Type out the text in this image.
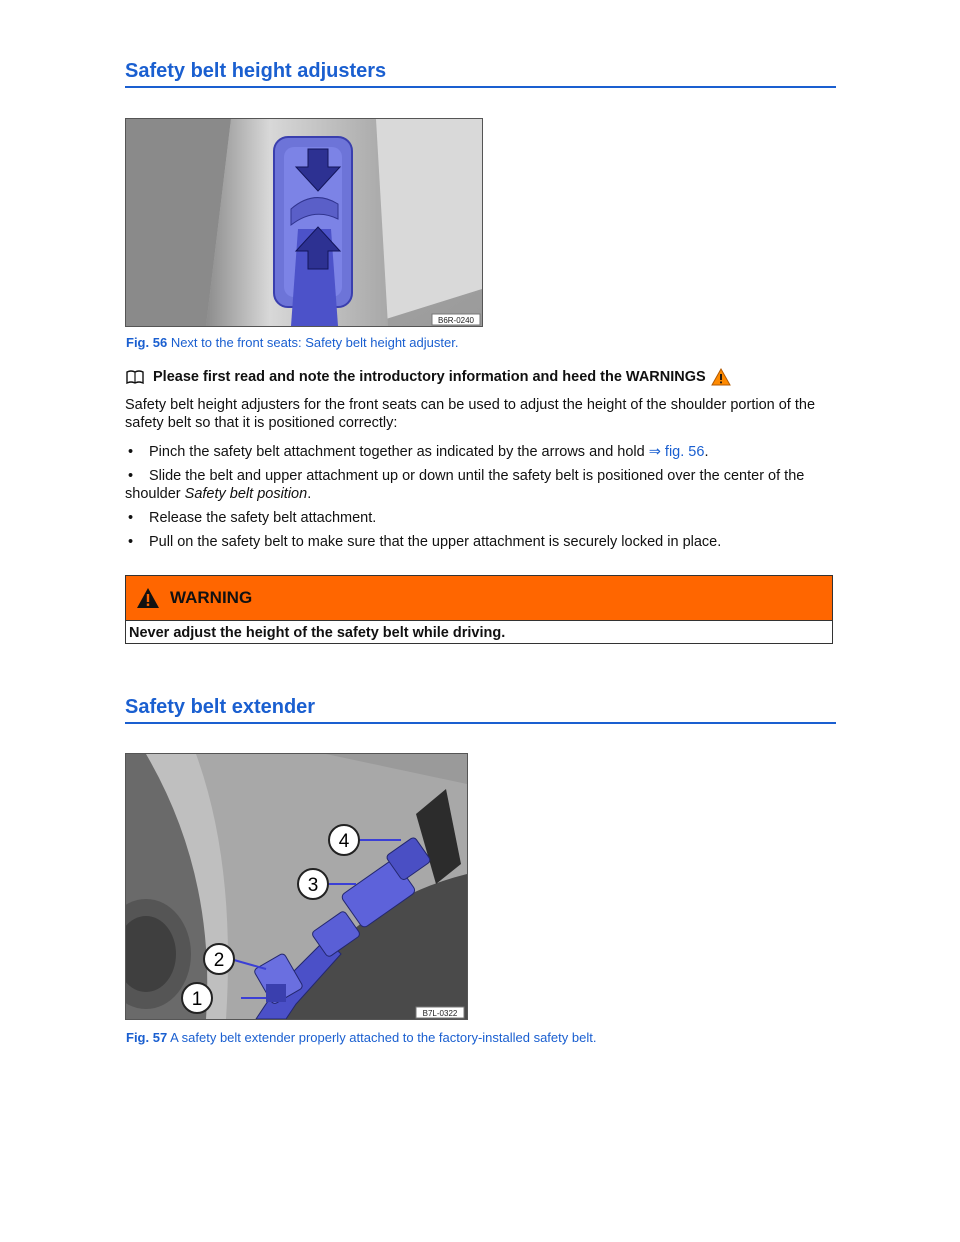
Safety belt height adjusters
B6R-0240
Fig. 56 Next to the front seats: Safety belt height adjuster.
Please first read and note the introductory information and heed the WARNINGS
Safety belt height adjusters for the front seats can be used to adjust the height of the shoulder portion of the safety belt so that it is positioned correctly:
• Pinch the safety belt attachment together as indicated by the arrows and hold ⇒ fig. 56.
• Slide the belt and upper attachment up or down until the safety belt is positioned over the center of the shoulder Safety belt position.
• Release the safety belt attachment.
• Pull on the safety belt to make sure that the upper attachment is securely locked in place.
WARNING
Never adjust the height of the safety belt while driving.
Safety belt extender
1
2
3
4
B7L-0322
Fig. 57 A safety belt extender properly attached to the factory-installed safety belt.
